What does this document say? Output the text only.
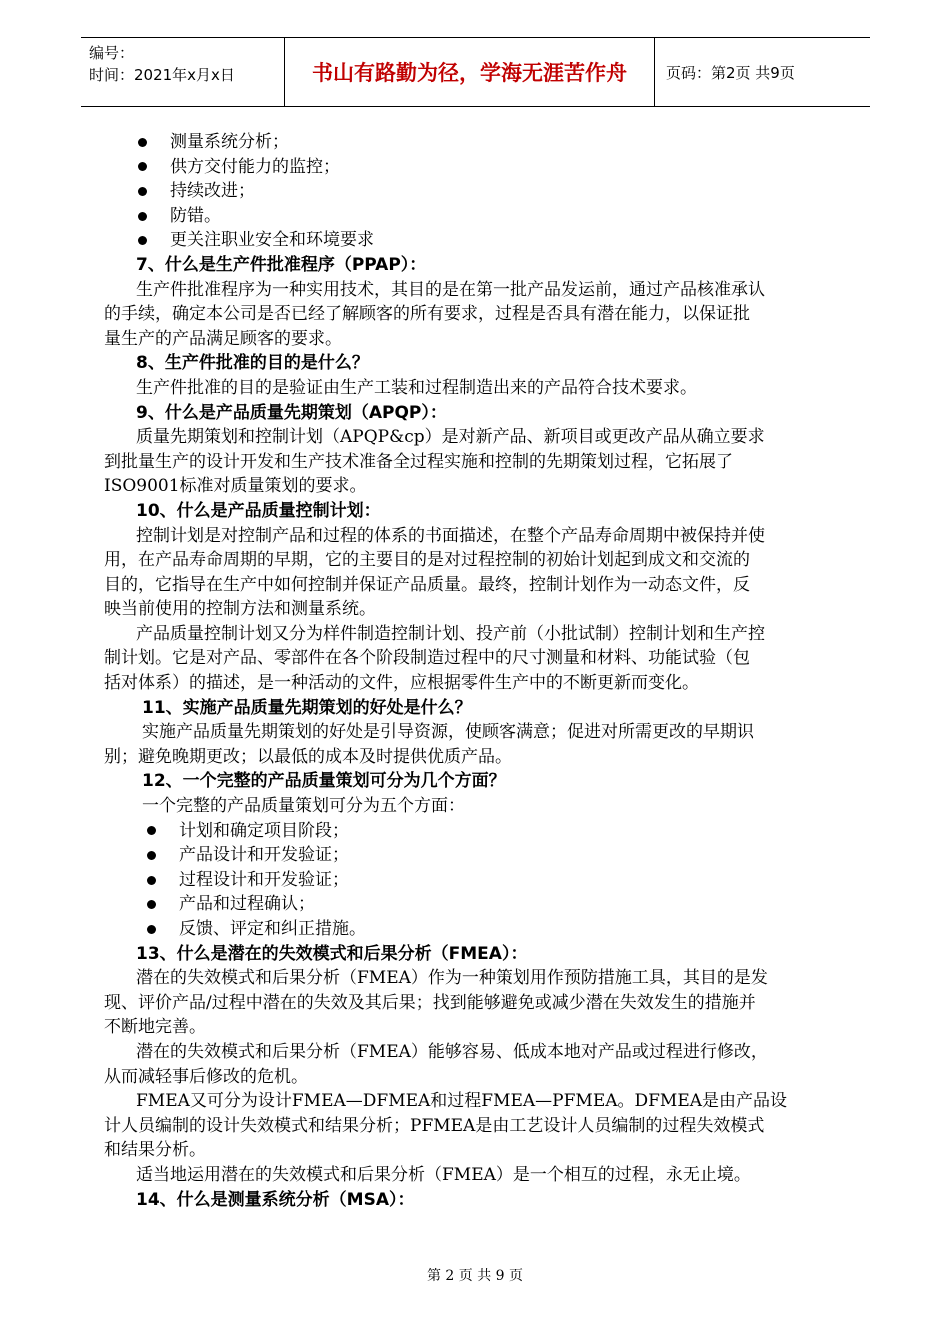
编号：
时间：2021年x月x日	书山有路勤为径，学海无涯苦作舟	页码：第2页 共9页
测量系统分析；
供方交付能力的监控；
持续改进；
防错。
更关注职业安全和环境要求
7、什么是生产件批准程序（PPAP）：
生产件批准程序为一种实用技术，其目的是在第一批产品发运前，通过产品核准承认
的手续，确定本公司是否已经了解顾客的所有要求，过程是否具有潜在能力，以保证批
量生产的产品满足顾客的要求。
8、生产件批准的目的是什么？
生产件批准的目的是验证由生产工装和过程制造出来的产品符合技术要求。
9、什么是产品质量先期策划（APQP）：
质量先期策划和控制计划（APQP&cp）是对新产品、新项目或更改产品从确立要求
到批量生产的设计开发和生产技术准备全过程实施和控制的先期策划过程，它拓展了
ISO9001标准对质量策划的要求。
10、什么是产品质量控制计划：
控制计划是对控制产品和过程的体系的书面描述，在整个产品寿命周期中被保持并使
用，在产品寿命周期的早期，它的主要目的是对过程控制的初始计划起到成文和交流的
目的，它指导在生产中如何控制并保证产品质量。最终，控制计划作为一动态文件，反
映当前使用的控制方法和测量系统。
产品质量控制计划又分为样件制造控制计划、投产前（小批试制）控制计划和生产控
制计划。它是对产品、零部件在各个阶段制造过程中的尺寸测量和材料、功能试验（包
括对体系）的描述，是一种活动的文件，应根据零件生产中的不断更新而变化。
11、实施产品质量先期策划的好处是什么？
实施产品质量先期策划的好处是引导资源，使顾客满意；促进对所需更改的早期识
别；避免晚期更改；以最低的成本及时提供优质产品。
12、一个完整的产品质量策划可分为几个方面？
一个完整的产品质量策划可分为五个方面：
计划和确定项目阶段；
产品设计和开发验证；
过程设计和开发验证；
产品和过程确认；
反馈、评定和纠正措施。
13、什么是潜在的失效模式和后果分析（FMEA）：
潜在的失效模式和后果分析（FMEA）作为一种策划用作预防措施工具，其目的是发
现、评价产品/过程中潜在的失效及其后果；找到能够避免或减少潜在失效发生的措施并
不断地完善。
潜在的失效模式和后果分析（FMEA）能够容易、低成本地对产品或过程进行修改，
从而减轻事后修改的危机。
FMEA又可分为设计FMEA—DFMEA和过程FMEA—PFMEA。DFMEA是由产品设
计人员编制的设计失效模式和结果分析；PFMEA是由工艺设计人员编制的过程失效模式
和结果分析。
适当地运用潜在的失效模式和后果分析（FMEA）是一个相互的过程，永无止境。
14、什么是测量系统分析（MSA）：
第 2 页 共 9 页
